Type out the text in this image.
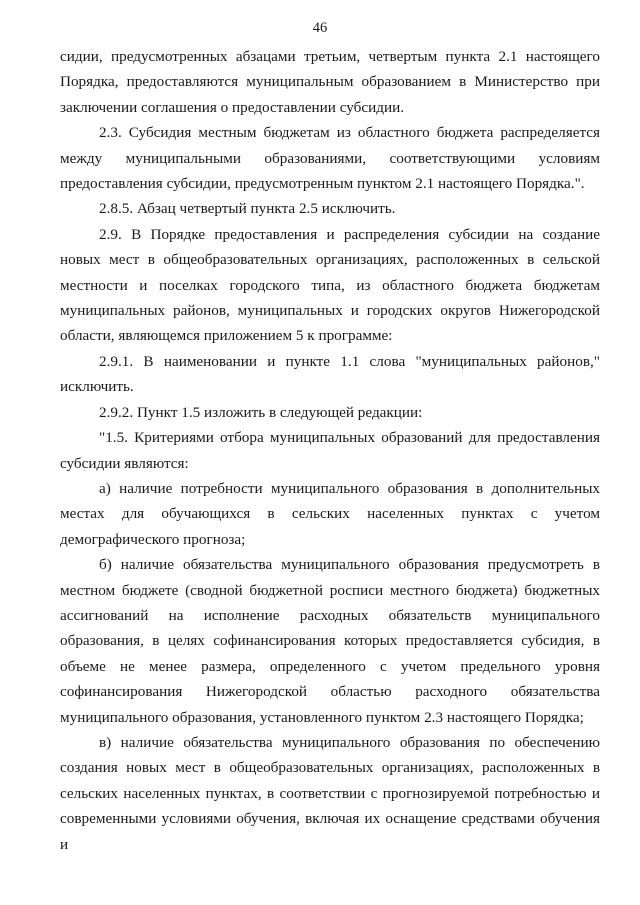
46

сидии, предусмотренных абзацами третьим, четвертым пункта 2.1 настоящего Порядка, предоставляются муниципальным образованием в Министерство при заключении соглашения о предоставлении субсидии.

2.3. Субсидия местным бюджетам из областного бюджета распределяется между муниципальными образованиями, соответствующими условиям предоставления субсидии, предусмотренным пунктом 2.1 настоящего Порядка.".

2.8.5. Абзац четвертый пункта 2.5 исключить.

2.9. В Порядке предоставления и распределения субсидии на создание новых мест в общеобразовательных организациях, расположенных в сельской местности и поселках городского типа, из областного бюджета бюджетам муниципальных районов, муниципальных и городских округов Нижегородской области, являющемся приложением 5 к программе:

2.9.1. В наименовании и пункте 1.1 слова "муниципальных районов," исключить.

2.9.2. Пункт 1.5 изложить в следующей редакции:

"1.5. Критериями отбора муниципальных образований для предоставления субсидии являются:

а) наличие потребности муниципального образования в дополнительных местах для обучающихся в сельских населенных пунктах с учетом демографического прогноза;

б) наличие обязательства муниципального образования предусмотреть в местном бюджете (сводной бюджетной росписи местного бюджета) бюджетных ассигнований на исполнение расходных обязательств муниципального образования, в целях софинансирования которых предоставляется субсидия, в объеме не менее размера, определенного с учетом предельного уровня софинансирования Нижегородской областью расходного обязательства муниципального образования, установленного пунктом 2.3 настоящего Порядка;

в) наличие обязательства муниципального образования по обеспечению создания новых мест в общеобразовательных организациях, расположенных в сельских населенных пунктах, в соответствии с прогнозируемой потребностью и современными условиями обучения, включая их оснащение средствами обучения и
